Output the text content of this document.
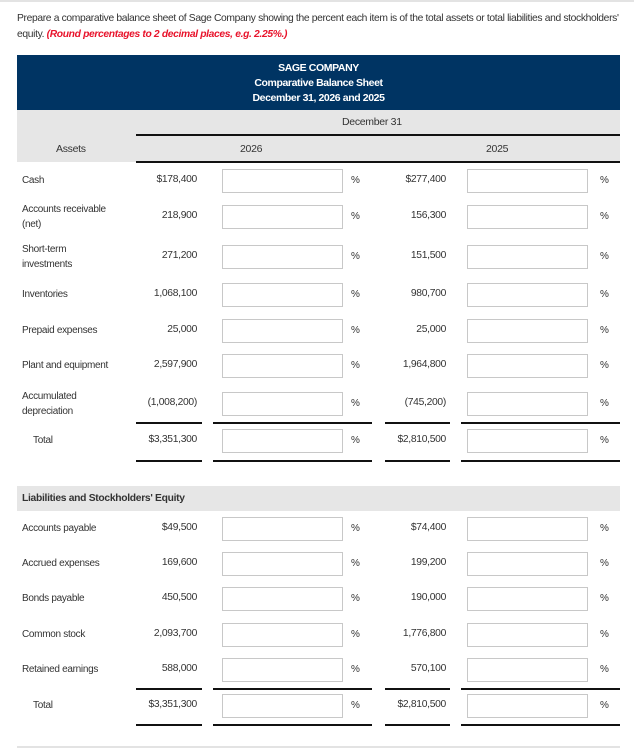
Prepare a comparative balance sheet of Sage Company showing the percent each item is of the total assets or total liabilities and stockholders' equity. (Round percentages to 2 decimal places, e.g. 2.25%.)
SAGE COMPANY
Comparative Balance Sheet
December 31, 2026 and 2025
December 31
Assets	2026	2025
Liabilities and Stockholders' Equity
Cash	$178,400	%	$277,400	%
Accounts receivable (net)
218,900	%	156,300	%
Short-term investments
271,200	%	151,500	%
Inventories	1,068,100	%	980,700	%
Prepaid expenses	25,000	%	25,000	%
Plant and equipment	2,597,900	%	1,964,800	%
Accumulated depreciation
(1,008,200)	%	(745,200)	%
Total	$3,351,300	%	$2,810,500	%
Accounts payable	$49,500	%	$74,400	%
Accrued expenses	169,600	%	199,200	%
Bonds payable	450,500	%	190,000	%
Common stock	2,093,700	%	1,776,800	%
Retained earnings	588,000	%	570,100	%
Total	$3,351,300	%	$2,810,500	%
